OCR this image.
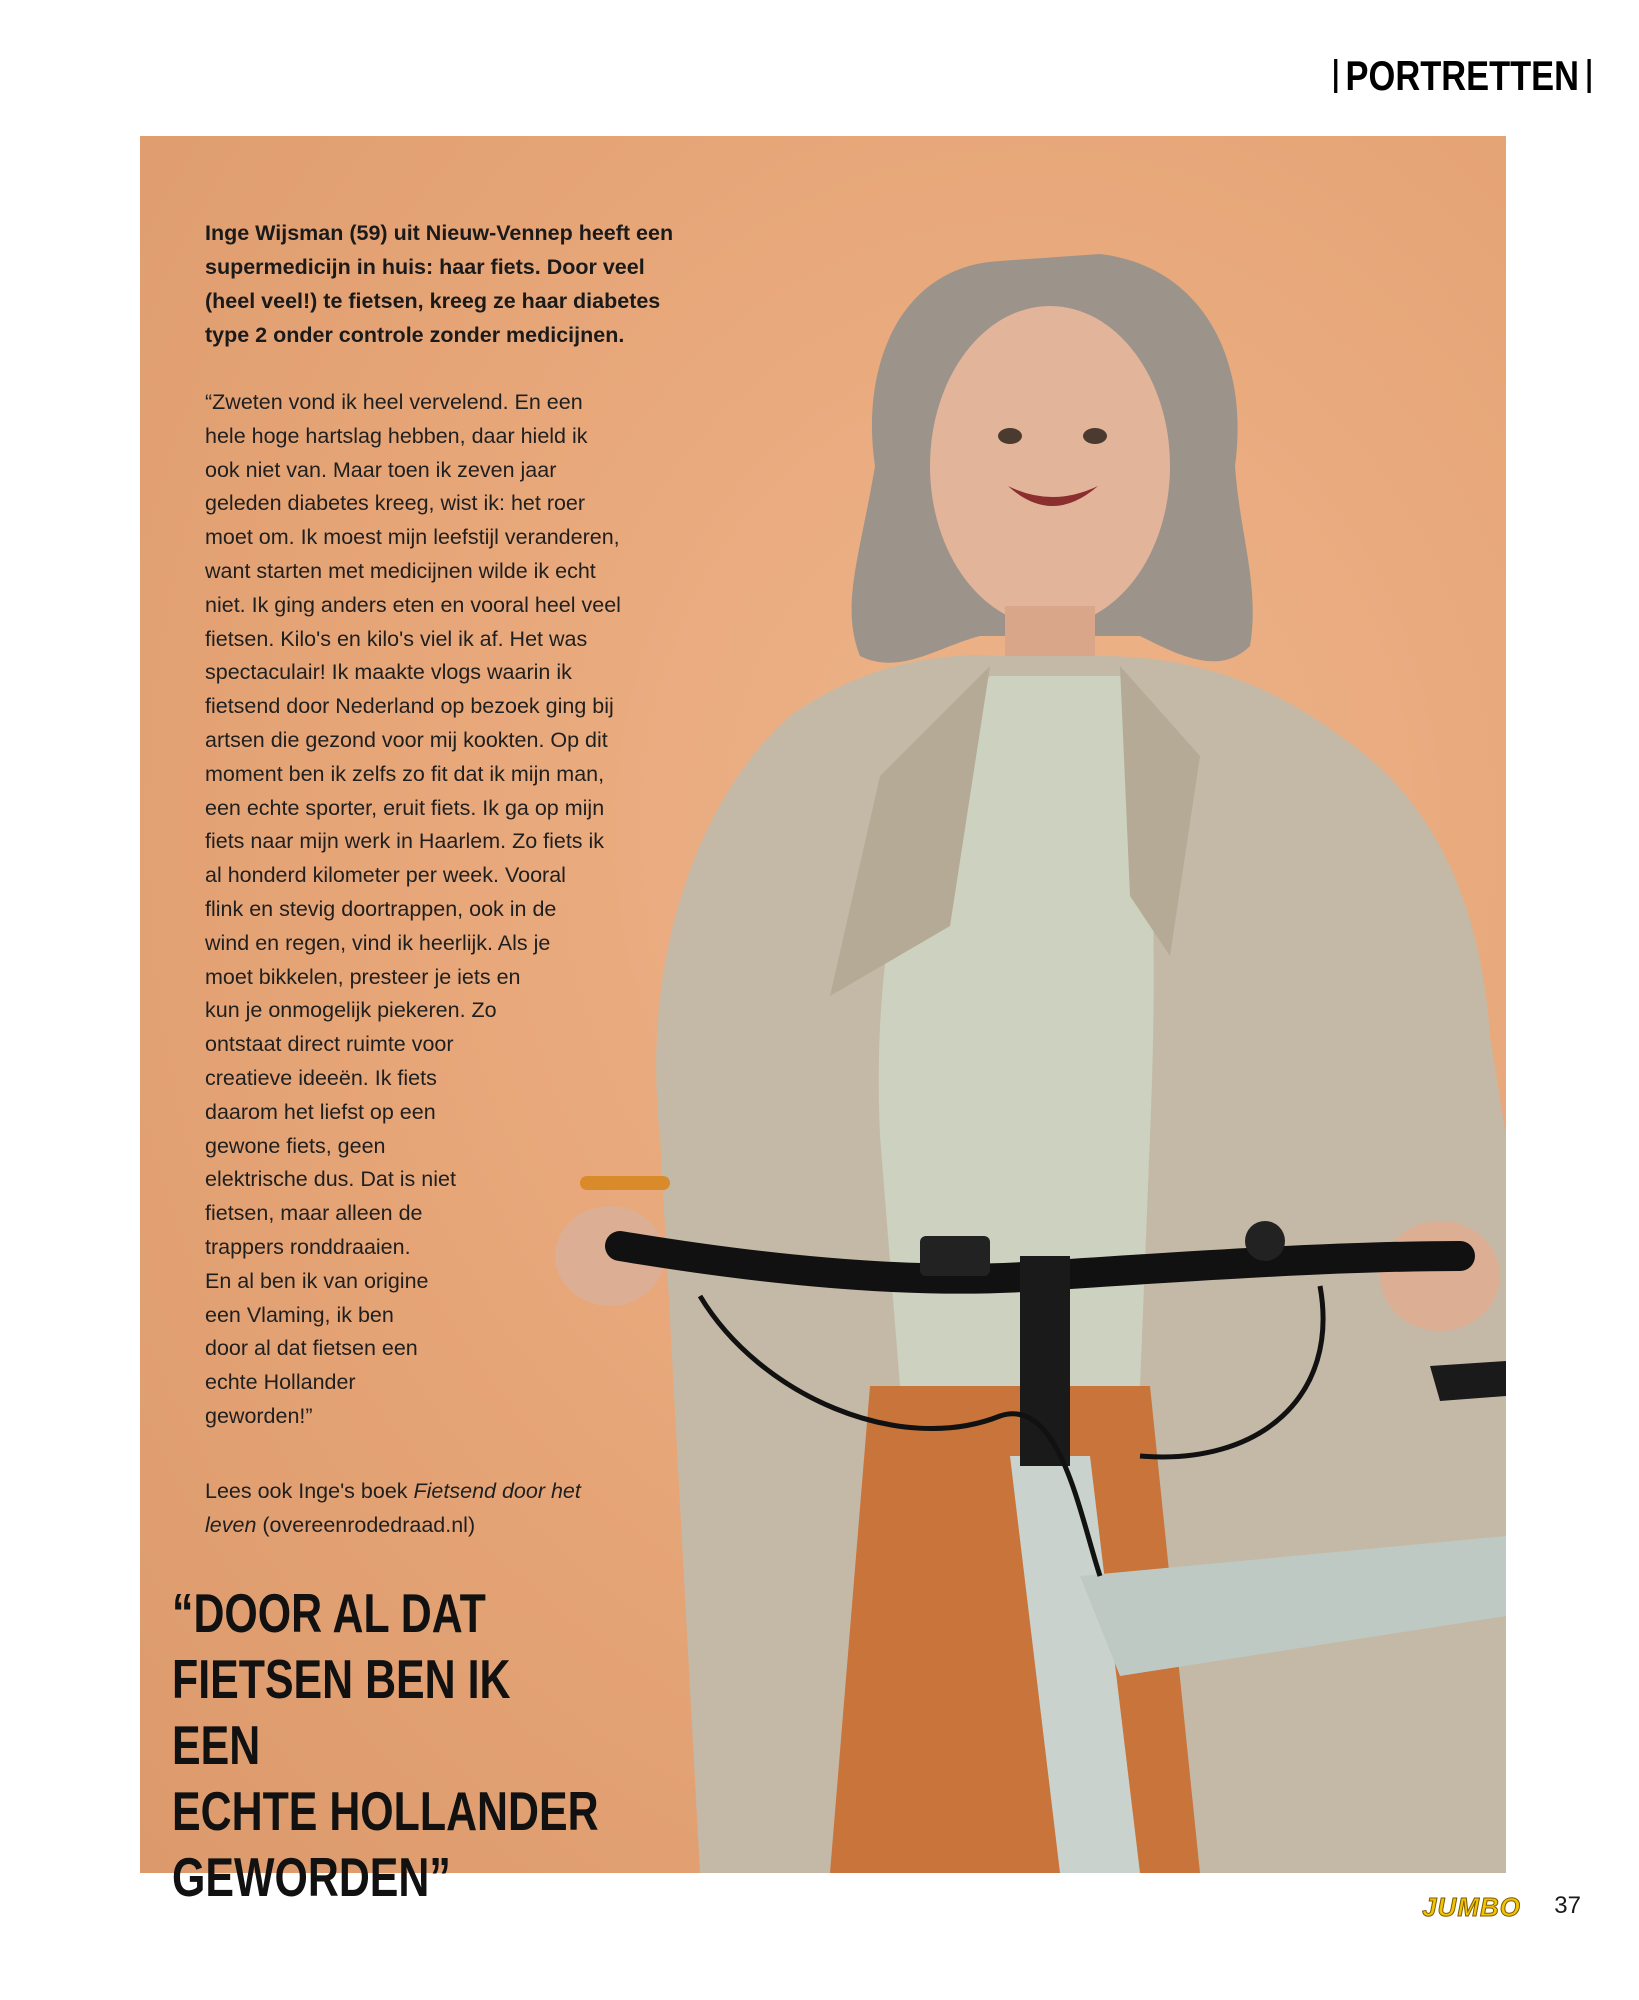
PORTRETTEN
Inge Wijsman (59) uit Nieuw-Vennep heeft een supermedicijn in huis: haar fiets. Door veel (heel veel!) te fietsen, kreeg ze haar diabetes type 2 onder controle zonder medicijnen.
“Zweten vond ik heel vervelend. En een
hele hoge hartslag hebben, daar hield ik
ook niet van. Maar toen ik zeven jaar
geleden diabetes kreeg, wist ik: het roer
moet om. Ik moest mijn leefstijl veranderen,
want starten met medicijnen wilde ik echt
niet. Ik ging anders eten en vooral heel veel
fietsen. Kilo's en kilo's viel ik af. Het was
spectaculair! Ik maakte vlogs waarin ik
fietsend door Nederland op bezoek ging bij
artsen die gezond voor mij kookten. Op dit
moment ben ik zelfs zo fit dat ik mijn man,
een echte sporter, eruit fiets. Ik ga op mijn
fiets naar mijn werk in Haarlem. Zo fiets ik
al honderd kilometer per week. Vooral
flink en stevig doortrappen, ook in de
wind en regen, vind ik heerlijk. Als je
moet bikkelen, presteer je iets en
kun je onmogelijk piekeren. Zo
ontstaat direct ruimte voor
creatieve ideeën. Ik fiets
daarom het liefst op een
gewone fiets, geen
elektrische dus. Dat is niet
fietsen, maar alleen de
trappers ronddraaien.
En al ben ik van origine
een Vlaming, ik ben
door al dat fietsen een
echte Hollander
geworden!”
Lees ook Inge's boek Fietsend door het leven (overeenrodedraad.nl)
“DOOR AL DAT
FIETSEN BEN IK EEN
ECHTE HOLLANDER
GEWORDEN”	JUMBO 37
